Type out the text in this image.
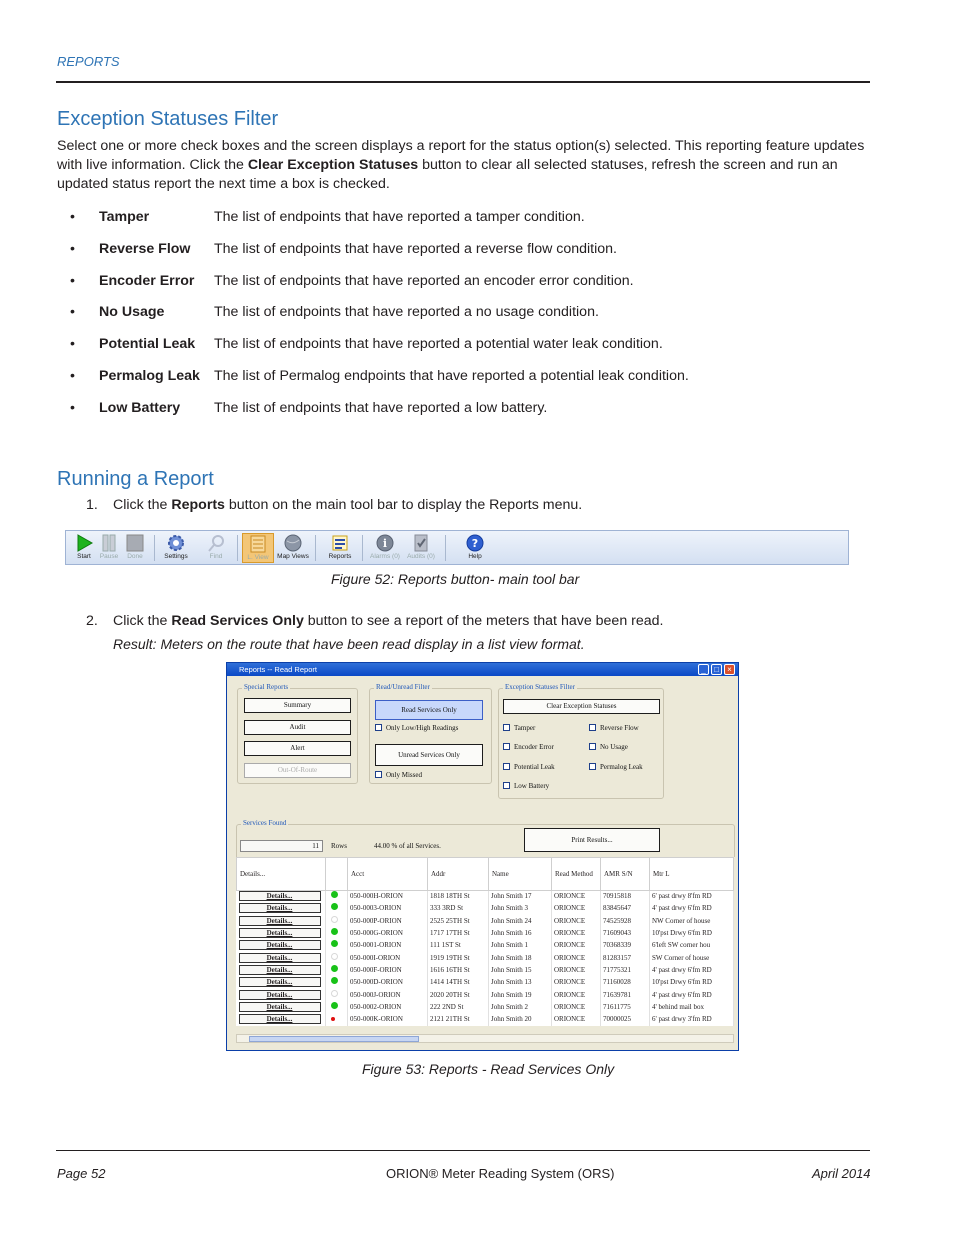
REPORTS
Exception Statuses Filter
Select one or more check boxes and the screen displays a report for the status option(s) selected. This reporting feature updates with live information. Click the Clear Exception Statuses button to clear all selected statuses, refresh the screen and run an updated status report the next time a box is checked.
• Tamper	The list of endpoints that have reported a tamper condition.
• Reverse Flow The list of endpoints that have reported a reverse flow condition.
• Encoder Error The list of endpoints that have reported an encoder error condition.
• No Usage	The list of endpoints that have reported a no usage condition.
• Potential Leak The list of endpoints that have reported a potential water leak condition.
• Permalog Leak The list of Permalog endpoints that have reported a potential leak condition.
• Low Battery The list of endpoints that have reported a low battery.
Running a Report
1. Click the Reports button on the main tool bar to display the Reports menu.
Start	Pause	Done	Settings	Find	L. View	Map Views	Reports
i
Alarms (0)	Audits (0)
?
Help
Figure 52: Reports button- main tool bar
2. Click the Read Services Only button to see a report of the meters that have been read.
Result: Meters on the route that have been read display in a list view format.
Reports -- Read Report	_	□	×
Special Reports
Summary
Audit
Alert
Out-Of-Route
Read/Unread Filter
Read Services Only
Only Low/High Readings
Unread Services Only
Only Missed
Exception Statuses Filter
Clear Exception Statuses
Tamper
Encoder Error
Potential Leak
Low Battery
Reverse Flow
No Usage
Permalog Leak
Services Found
11	Rows	44.00 % of all Services.
Print Results...
Details...		Acct	Addr	Name	Read Method	AMR S/N	Mtr L
Details...		050-000H-ORION	1818 18TH St	John Smith 17	ORIONCE	70915818	6' past drwy 8'fm RD
Details...		050-0003-ORION	333 3RD St	John Smith 3	ORIONCE	83845647	4' past drwy 6'fm RD
Details...		050-000P-ORION	2525 25TH St	John Smith 24	ORIONCE	74525928	NW Corner of house
Details...		050-000G-ORION	1717 17TH St	John Smith 16	ORIONCE	71609043	10'pst Drwy 6'fm RD
Details...		050-0001-ORION	111 1ST St	John Smith 1	ORIONCE	70368339	6'left SW corner hou
Details...		050-000I-ORION	1919 19TH St	John Smith 18	ORIONCE	81283157	SW Corner of house
Details...		050-000F-ORION	1616 16TH St	John Smith 15	ORIONCE	71775321	4' past drwy 6'fm RD
Details...		050-000D-ORION	1414 14TH St	John Smith 13	ORIONCE	71160028	10'pst Drwy 6'fm RD
Details...		050-000J-ORION	2020 20TH St	John Smith 19	ORIONCE	71639781	4' past drwy 6'fm RD
Details...		050-0002-ORION	222 2ND St	John Smith 2	ORIONCE	71611775	4' behind mail box
Details...		050-000K-ORION	2121 21TH St	John Smith 20	ORIONCE	70000025	6' past drwy 3'fm RD
Figure 53: Reports - Read Services Only
Page 52	ORION® Meter Reading System (ORS)	April 2014
